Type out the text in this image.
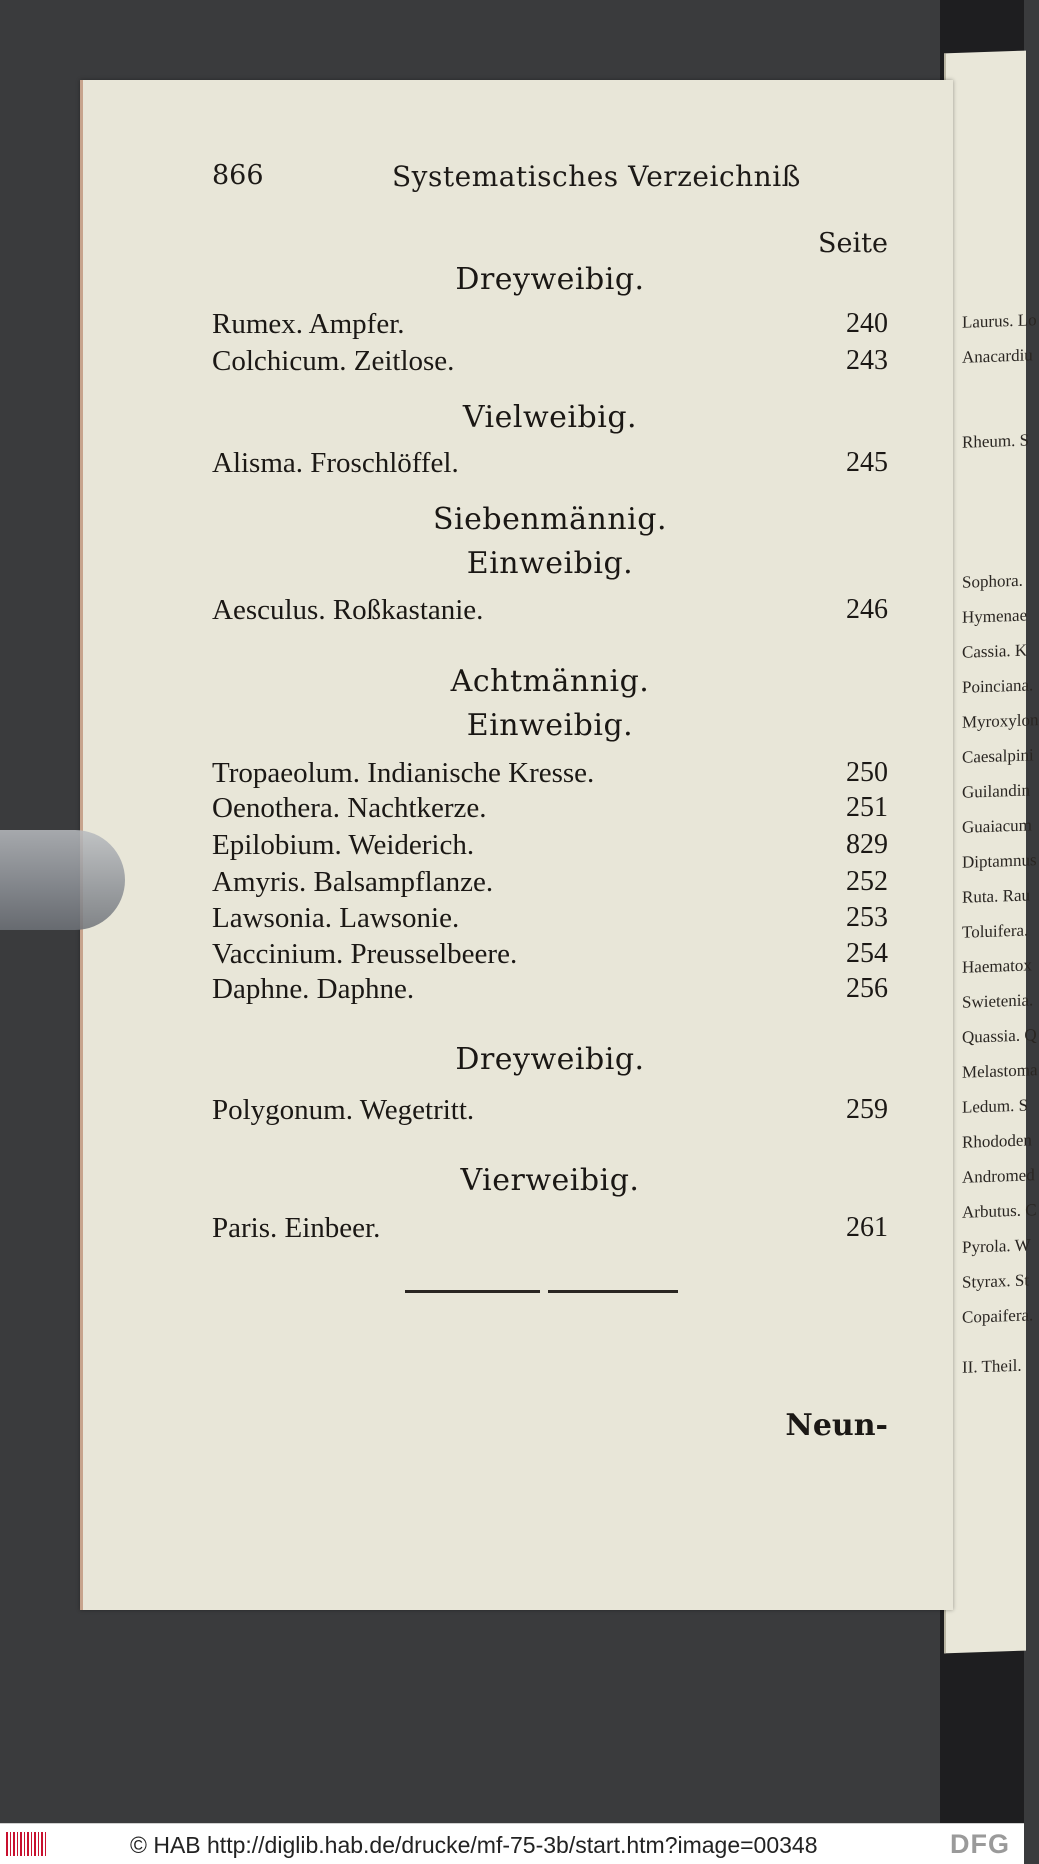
Laurus. Lo
Anacardiu
Rheum. S
Sophora.
Hymenae
Cassia. K
Poinciana.
Myroxylon
Caesalpini
Guilandin
Guaiacum
Diptamnus
Ruta. Rau
Toluifera.
Haematox
Swietenia.
Quassia. Q
Melastoma
Ledum. S
Rhododen
Andromed
Arbutus. C
Pyrola. W
Styrax. St
Copaifera.
II. Theil.
866	Systematisches Verzeichniß
Seite
Dreyweibig.
Rumex. Ampfer.	240
Colchicum. Zeitlose.	243
Vielweibig.
Alisma. Froschlöffel.	245
Siebenmännig.
Einweibig.
Aesculus. Roßkastanie.	246
Achtmännig.
Einweibig.
Tropaeolum. Indianische Kresse.	250
Oenothera. Nachtkerze.	251
Epilobium. Weiderich.	829
Amyris. Balsampflanze.	252
Lawsonia. Lawsonie.	253
Vaccinium. Preusselbeere.	254
Daphne. Daphne.	256
Dreyweibig.
Polygonum. Wegetritt.	259
Vierweibig.
Paris. Einbeer.	261
Neun-
© HAB http://diglib.hab.de/drucke/mf-75-3b/start.htm?image=00348	DFG
